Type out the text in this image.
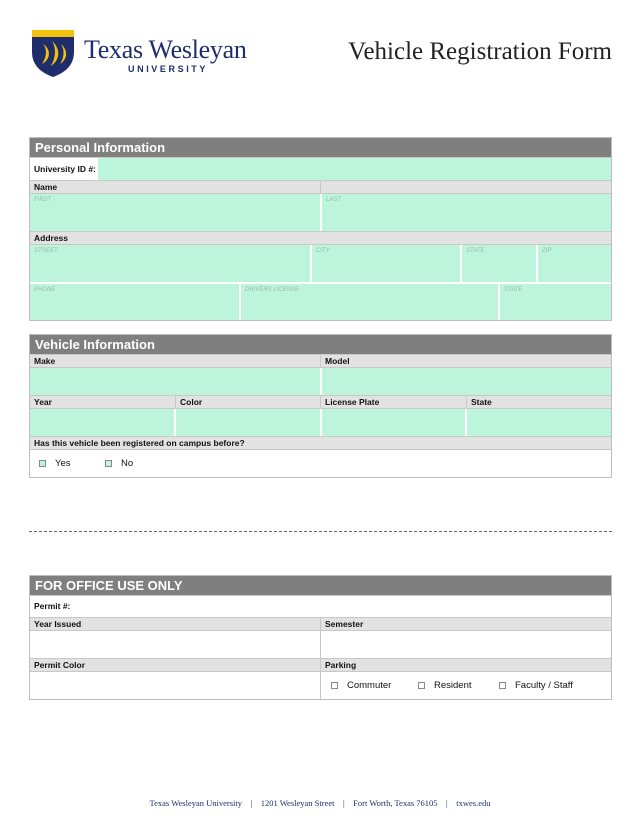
Texas Wesleyan
UNIVERSITY
Vehicle Registration Form
Personal Information
University ID #:
Name
FIRST	LAST
Address
STREET	CITY	STATE	ZIP
PHONE	DRIVERS LICENSE	STATE
Vehicle Information
Make	Model
Year	Color	License Plate	State
Has this vehicle been registered on campus before?
Yes	No
FOR OFFICE USE ONLY
Permit #:
Year Issued	Semester
Permit Color	Parking
Commuter	Resident	Faculty / Staff
Texas Wesleyan University    |    1201 Wesleyan Street    |    Fort Worth, Texas 76105    |    txwes.edu
